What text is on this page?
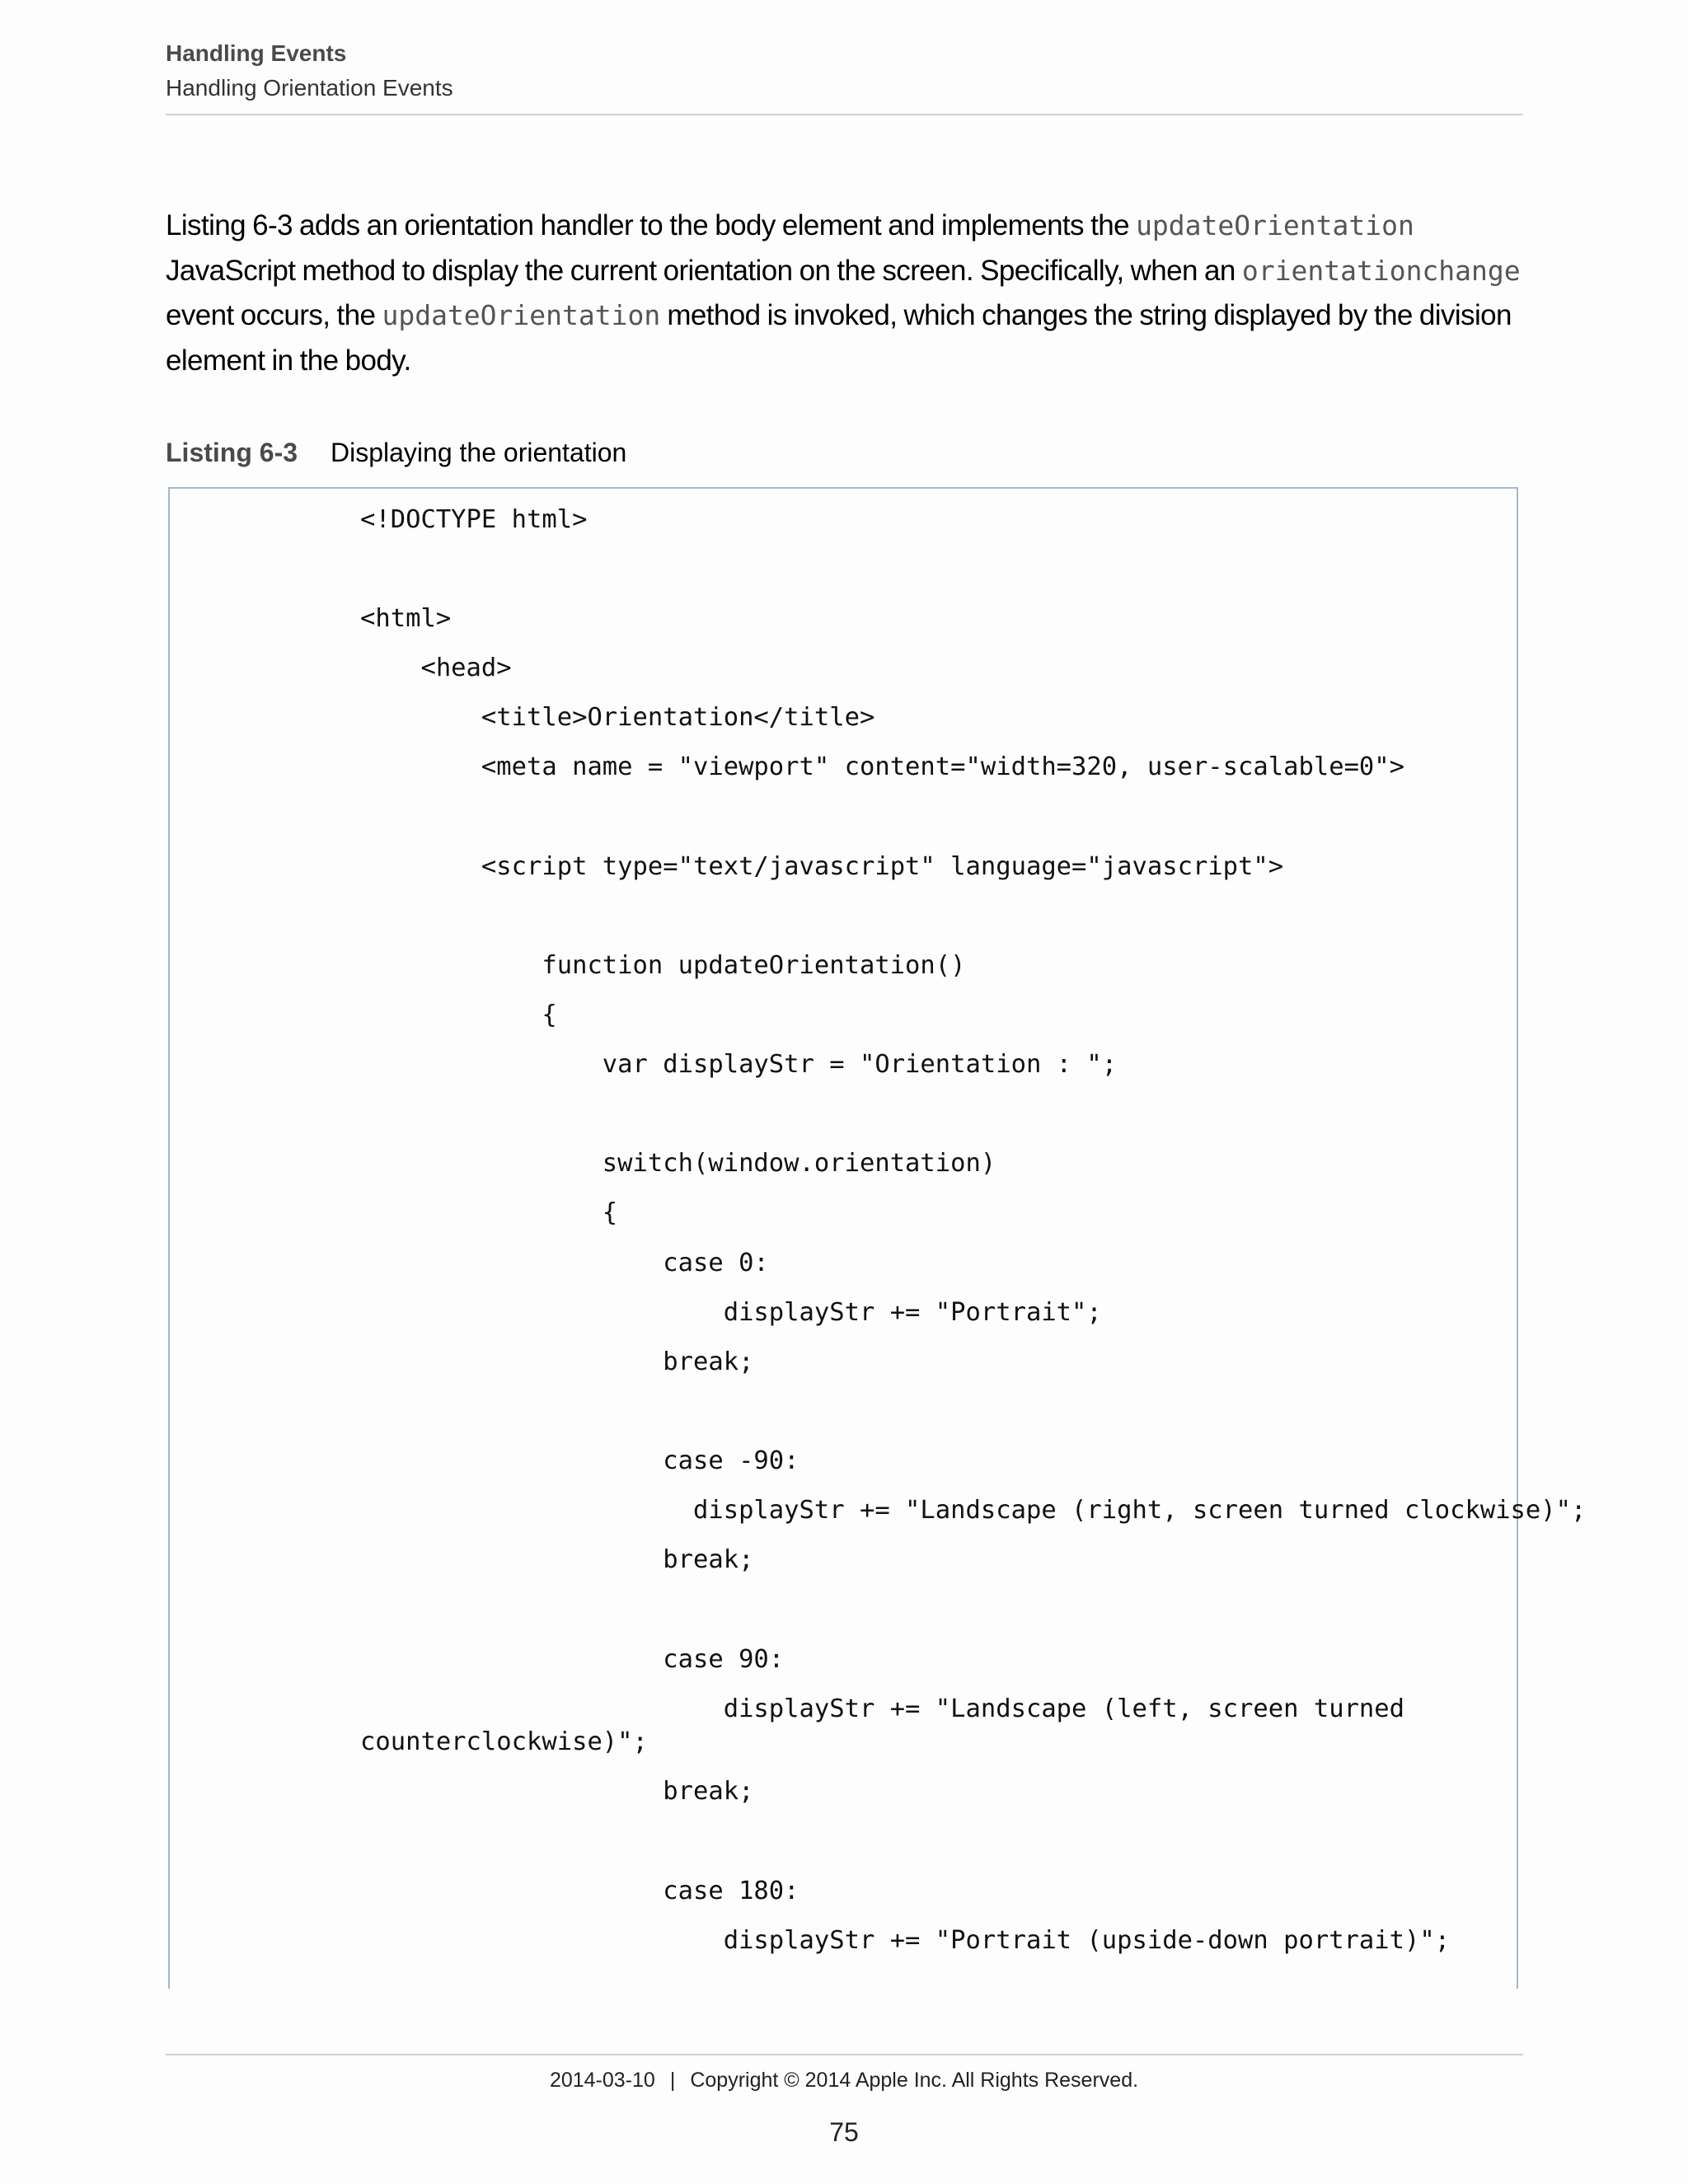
Handling Events
Handling Orientation Events
Listing 6-3 adds an orientation handler to the body element and implements the updateOrientation JavaScript method to display the current orientation on the screen. Specifically, when an orientationchange event occurs, the updateOrientation method is invoked, which changes the string displayed by the division element in the body.
Listing 6-3 Displaying the orientation

<!DOCTYPE html>

<html>

<head>

<title>Orientation</title>

<meta name = "viewport" content="width=320, user-scalable=0">

<script type="text/javascript" language="javascript">

function updateOrientation()

{

var displayStr = "Orientation : ";

switch(window.orientation)

{

case 0:

displayStr += "Portrait";

break;

case -90:

displayStr += "Landscape (right, screen turned clockwise)";

break;

case 90:

displayStr += "Landscape (left, screen turned

counterclockwise)";

break;

case 180:

displayStr += "Portrait (upside-down portrait)";

2014-03-10 | Copyright © 2014 Apple Inc. All Rights Reserved.
75
